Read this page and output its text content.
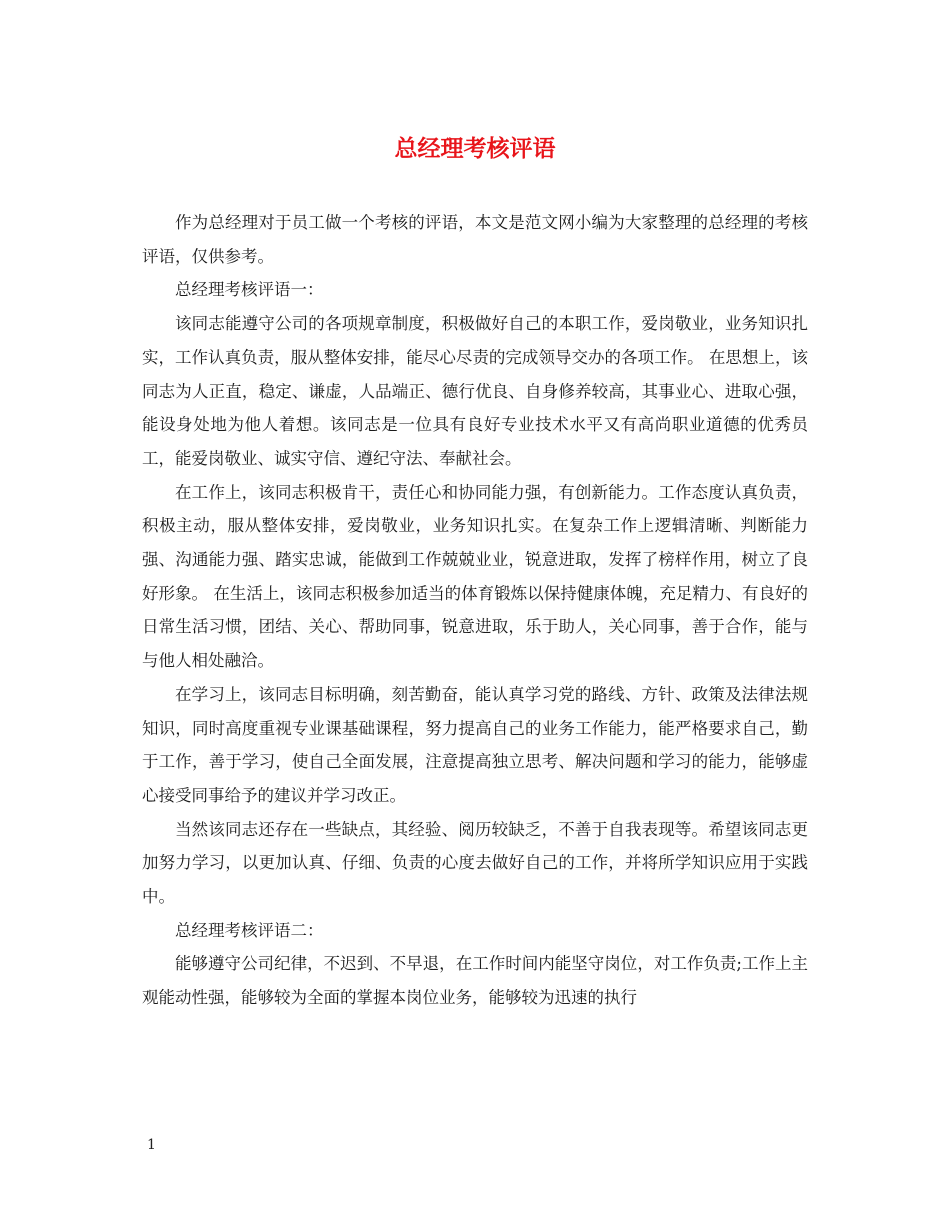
总经理考核评语

作为总经理对于员工做一个考核的评语，本文是范文网小编为大家整理的总经理的考核评语，仅供参考。

总经理考核评语一：

该同志能遵守公司的各项规章制度，积极做好自己的本职工作，爱岗敬业，业务知识扎实，工作认真负责，服从整体安排，能尽心尽责的完成领导交办的各项工作。 在思想上，该同志为人正直，稳定、谦虚，人品端正、德行优良、自身修养较高，其事业心、进取心强，能设身处地为他人着想。该同志是一位具有良好专业技术水平又有高尚职业道德的优秀员工，能爱岗敬业、诚实守信、遵纪守法、奉献社会。

在工作上，该同志积极肯干，责任心和协同能力强，有创新能力。工作态度认真负责，积极主动，服从整体安排，爱岗敬业，业务知识扎实。在复杂工作上逻辑清晰、判断能力强、沟通能力强、踏实忠诚，能做到工作兢兢业业，锐意进取，发挥了榜样作用，树立了良好形象。 在生活上，该同志积极参加适当的体育锻炼以保持健康体魄，充足精力、有良好的日常生活习惯，团结、关心、帮助同事，锐意进取，乐于助人，关心同事，善于合作，能与与他人相处融洽。

在学习上，该同志目标明确，刻苦勤奋，能认真学习党的路线、方针、政策及法律法规知识，同时高度重视专业课基础课程，努力提高自己的业务工作能力，能严格要求自己，勤于工作，善于学习，使自己全面发展，注意提高独立思考、解决问题和学习的能力，能够虚心接受同事给予的建议并学习改正。

当然该同志还存在一些缺点，其经验、阅历较缺乏，不善于自我表现等。希望该同志更加努力学习，以更加认真、仔细、负责的心度去做好自己的工作，并将所学知识应用于实践中。

总经理考核评语二：

能够遵守公司纪律，不迟到、不早退，在工作时间内能坚守岗位，对工作负责;工作上主观能动性强，能够较为全面的掌握本岗位业务，能够较为迅速的执行

1
